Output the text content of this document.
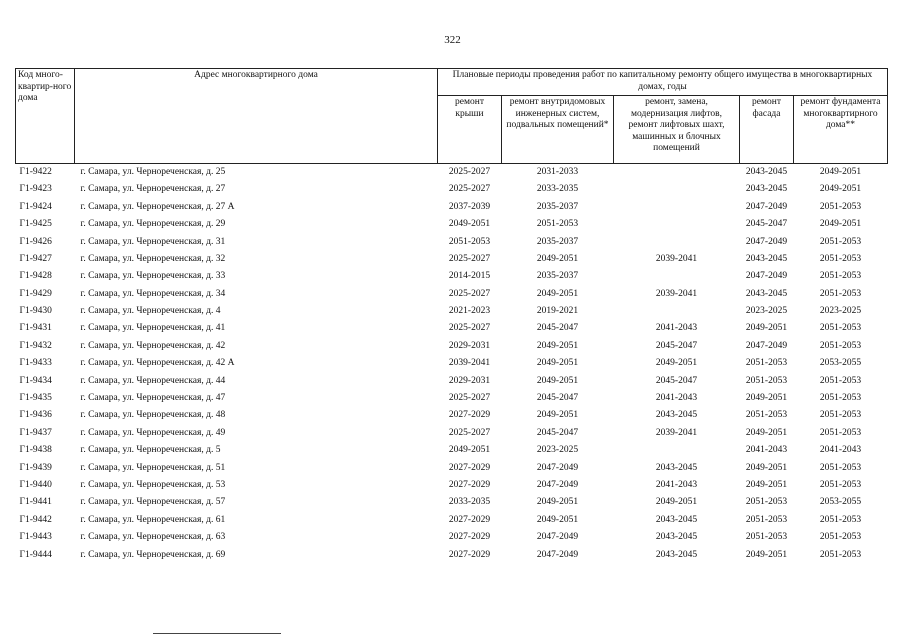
322
Код много-квартир-ного дома	Адрес многоквартирного дома	Плановые периоды проведения работ по капитальному ремонту общего имущества в многоквартирных домах, годы				
		ремонт крыши	ремонт внутридомовых инженерных систем, подвальных помещений*	ремонт, замена, модернизация лифтов, ремонт лифтовых шахт, машинных и блочных помещений	ремонт фасада	ремонт фундамента многоквартирного дома**
Г1-9422	г. Самара, ул. Чернореченская, д. 25	2025-2027	2031-2033		2043-2045	2049-2051
Г1-9423	г. Самара, ул. Чернореченская, д. 27	2025-2027	2033-2035		2043-2045	2049-2051
Г1-9424	г. Самара, ул. Чернореченская, д. 27 А	2037-2039	2035-2037		2047-2049	2051-2053
Г1-9425	г. Самара, ул. Чернореченская, д. 29	2049-2051	2051-2053		2045-2047	2049-2051
Г1-9426	г. Самара, ул. Чернореченская, д. 31	2051-2053	2035-2037		2047-2049	2051-2053
Г1-9427	г. Самара, ул. Чернореченская, д. 32	2025-2027	2049-2051	2039-2041	2043-2045	2051-2053
Г1-9428	г. Самара, ул. Чернореченская, д. 33	2014-2015	2035-2037		2047-2049	2051-2053
Г1-9429	г. Самара, ул. Чернореченская, д. 34	2025-2027	2049-2051	2039-2041	2043-2045	2051-2053
Г1-9430	г. Самара, ул. Чернореченская, д. 4	2021-2023	2019-2021		2023-2025	2023-2025
Г1-9431	г. Самара, ул. Чернореченская, д. 41	2025-2027	2045-2047	2041-2043	2049-2051	2051-2053
Г1-9432	г. Самара, ул. Чернореченская, д. 42	2029-2031	2049-2051	2045-2047	2047-2049	2051-2053
Г1-9433	г. Самара, ул. Чернореченская, д. 42 А	2039-2041	2049-2051	2049-2051	2051-2053	2053-2055
Г1-9434	г. Самара, ул. Чернореченская, д. 44	2029-2031	2049-2051	2045-2047	2051-2053	2051-2053
Г1-9435	г. Самара, ул. Чернореченская, д. 47	2025-2027	2045-2047	2041-2043	2049-2051	2051-2053
Г1-9436	г. Самара, ул. Чернореченская, д. 48	2027-2029	2049-2051	2043-2045	2051-2053	2051-2053
Г1-9437	г. Самара, ул. Чернореченская, д. 49	2025-2027	2045-2047	2039-2041	2049-2051	2051-2053
Г1-9438	г. Самара, ул. Чернореченская, д. 5	2049-2051	2023-2025		2041-2043	2041-2043
Г1-9439	г. Самара, ул. Чернореченская, д. 51	2027-2029	2047-2049	2043-2045	2049-2051	2051-2053
Г1-9440	г. Самара, ул. Чернореченская, д. 53	2027-2029	2047-2049	2041-2043	2049-2051	2051-2053
Г1-9441	г. Самара, ул. Чернореченская, д. 57	2033-2035	2049-2051	2049-2051	2051-2053	2053-2055
Г1-9442	г. Самара, ул. Чернореченская, д. 61	2027-2029	2049-2051	2043-2045	2051-2053	2051-2053
Г1-9443	г. Самара, ул. Чернореченская, д. 63	2027-2029	2047-2049	2043-2045	2051-2053	2051-2053
Г1-9444	г. Самара, ул. Чернореченская, д. 69	2027-2029	2047-2049	2043-2045	2049-2051	2051-2053
